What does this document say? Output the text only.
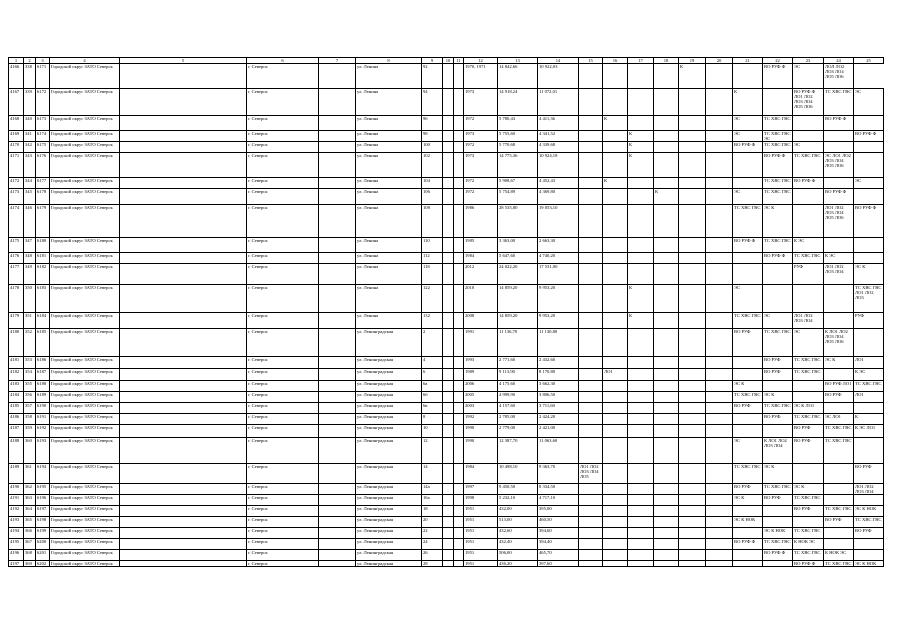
1	2	3	4	5	6	7	8	9	10	11	12	13	14	15	16	17	18	19	20	21	22	23	24	25
4166	338	6171	Городской округ ЗАТО Северск		г. Северск		ул. Ленина	92			1970, 1971	14 842,66	10 922,03					К			ВО РУФ Ф	ЭС	ЛОЛ ЛО2 ЛОЗ ЛО4 ЛО5 ЛО6	
4167	339	6172	Городской округ ЗАТО Северск		г. Северск		ул. Ленина	94			1973	14 918,24	11 072,01							К		ВО РУФ Ф ЛО1 ЛО2 ЛО3 ЛО4 ЛО5 ЛО6	ТС ХВС ГВС	ЭС
4168	340	6173	Городской округ ЗАТО Северск		г. Северск		ул. Ленина	96			1972	5 780,43	4 411,36		К					ЭС	ТС ХВС ГВС		ВО РУФ Ф	
4169	341	6174	Городской округ ЗАТО Северск		г. Северск		ул. Ленина	98			1973	5 755,60	4 341,52			К				ЭС	ТС ХВС ГВС ЭС			ВО РУФ Ф
4170	342	6175	Городской округ ЗАТО Северск		г. Северск		ул. Ленина	100			1972	5 770,68	4 339,68			К				ВО РУФ Ф	ТС ХВС ГВС	ЭС		
4171	343	6176	Городской округ ЗАТО Северск		г. Северск		ул. Ленина	102			1973	14 775,36	10 924,18			К					ВО РУФ Ф	ТС ХВС ГВС	ЭС ЛО1 ЛО2 ЛО3 ЛО4 ЛО5 ЛО6	
4172	344	6177	Городской округ ЗАТО Северск		г. Северск		ул. Ленина	104			1972	5 908,67	4 452,43		К						ТС ХВС ГВС	ВО РУФ Ф		ЭС
4173	345	6178	Городской округ ЗАТО Северск		г. Северск		ул. Ленина	106			1972	5 754,89	4 369,80				К			ЭС	ТС ХВС ГВС		ВО РУФ Ф	
4174	346	6179	Городской округ ЗАТО Северск		г. Северск		ул. Ленина	108			1986	28 535,80	19 053,10							ТС ХВС ГВС	ЭС К		ЛО1 ЛО2 ЛО3 ЛО4 ЛО5 ЛО6	ВО РУФ Ф
4175	347	6180	Городской округ ЗАТО Северск		г. Северск		ул. Ленина	110			1985	3 363,00	2 663,30							ВО РУФ Ф	ТС ХВС ГВС	К ЭС		
4176	348	6181	Городской округ ЗАТО Северск		г. Северск		ул. Ленина	112			1984	5 647,60	4 740,20								ВО РУФ Ф	ТС ХВС ГВС	К ЭС	
4177	349	6182	Городской округ ЗАТО Северск		г. Северск		ул. Ленина	118			2012	24 022,20	17 531,00									РУФ	ЛО1 ЛО2 ЛО3 ЛО4	ЭС К
4178	350	6183	Городской округ ЗАТО Северск		г. Северск		ул. Ленина	122			2010	14 859,20	9 953,20			К				ЭС				ТС ХВС ГВС ЛО1 ЛО2 ЛО3
4179	351	6184	Городской округ ЗАТО Северск		г. Северск		ул. Ленина	132			2008	14 859,20	9 953,20			К				ТС ХВС ГВС	ЭС	ЛО1 ЛО2 ЛО3 ЛО4		РУФ
4180	352	6185	Городской округ ЗАТО Северск		г. Северск		ул. Ленинградская	2			1991	11 136,70	11 130,80							ВО РУФ	ТС ХВС ГВС	ЭС	К ЛО1 ЛО2 ЛО3 ЛО4 ЛО5 ЛО6	
4181	353	6186	Городской округ ЗАТО Северск		г. Северск		ул. Ленинградская	4			1993	2 771,60	2 432,60								ВО РУФ	ТС ХВС ГВС	ЭС К	ЛО1
4182	354	6187	Городской округ ЗАТО Северск		г. Северск		ул. Ленинградская	6			1989	9 113,90	8 170,80		ЛО1						ВО РУФ	ТС ХВС ГВС		К ЭС
4183	355	6188	Городской округ ЗАТО Северск		г. Северск		ул. Ленинградская	6а			2006	4 175,60	3 662,30							ЭС К			ВО РУФ ЛО1	ТС ХВС ГВС
4184	356	6189	Городской округ ЗАТО Северск		г. Северск		ул. Ленинградская	6б			2005	4 999,90	3 806,50							ТС ХВС ГВС	ЭС К		ВО РУФ	ЛО1
4185	357	6190	Городской округ ЗАТО Северск		г. Северск		ул. Ленинградская	6в			2003	4 157,60	3 711,60							ВО РУФ	ТС ХВС ГВС	ЭС К ЛО1		
4186	358	6191	Городской округ ЗАТО Северск		г. Северск		ул. Ленинградская	8			1992	2 785,00	2 424,20								ВО РУФ	ТС ХВС ГВС	ЭС ЛО1	К
4187	359	6192	Городской округ ЗАТО Северск		г. Северск		ул. Ленинградская	10			1990	2 779,00	2 421,00									ВО РУФ	ТС ХВС ГВС	К ЭС ЛО1
4188	360	6193	Городской округ ЗАТО Северск		г. Северск		ул. Ленинградская	12			1990	12 387,70	11 063,60							ЭС	К ЛО1 ЛО2 ЛО3 ЛО4	ВО РУФ	ТС ХВС ГВС	
4189	361	6194	Городской округ ЗАТО Северск		г. Северск		ул. Ленинградская	14			1984	10 498,10	9 363,70	ЛО1 ЛО2 ЛО3 ЛО4 ЛО5						ТС ХВС ГВС	ЭС К			ВО РУФ
4190	362	6195	Городской округ ЗАТО Северск		г. Северск		ул. Ленинградская	14а			1997	9 450,50	8 334,50							ВО РУФ	ТС ХВС ГВС	ЭС К		ЛО1 ЛО2 ЛО3 ЛО4
4191	363	6196	Городской округ ЗАТО Северск		г. Северск		ул. Ленинградская	16а			1998	5 232,10	4 717,10							ЭС К	ВО РУФ	ТС ХВС ГВС		
4192	364	6197	Городской округ ЗАТО Северск		г. Северск		ул. Ленинградская	18			1951	432,00	395,00									ВО РУФ	ТС ХВС ГВС	ЭС К НОК
4193	365	6198	Городской округ ЗАТО Северск		г. Северск		ул. Ленинградская	20			1951	513,00	460,50							ЭС К НОК			ВО РУФ	ТС ХВС ГВС
4194	366	6199	Городской округ ЗАТО Северск		г. Северск		ул. Ленинградская	22			1951	432,60	394,60								ЭС К НОК	ТС ХВС ГВС		ВО РУФ
4195	367	6200	Городской округ ЗАТО Северск		г. Северск		ул. Ленинградская	24			1951	432,40	394,40							ВО РУФ Ф	ТС ХВС ГВС	К НОК ЭС		
4196	368	6201	Городской округ ЗАТО Северск		г. Северск		ул. Ленинградская	26			1951	506,00	465,70								ВО РУФ Ф	ТС ХВС ГВС	К НОК ЭС	
4197	369	6202	Городской округ ЗАТО Северск		г. Северск		ул. Ленинградская	28			1951	436,20	397,60									ВО РУФ Ф	ТС ХВС ГВС	ЭС К НОК
